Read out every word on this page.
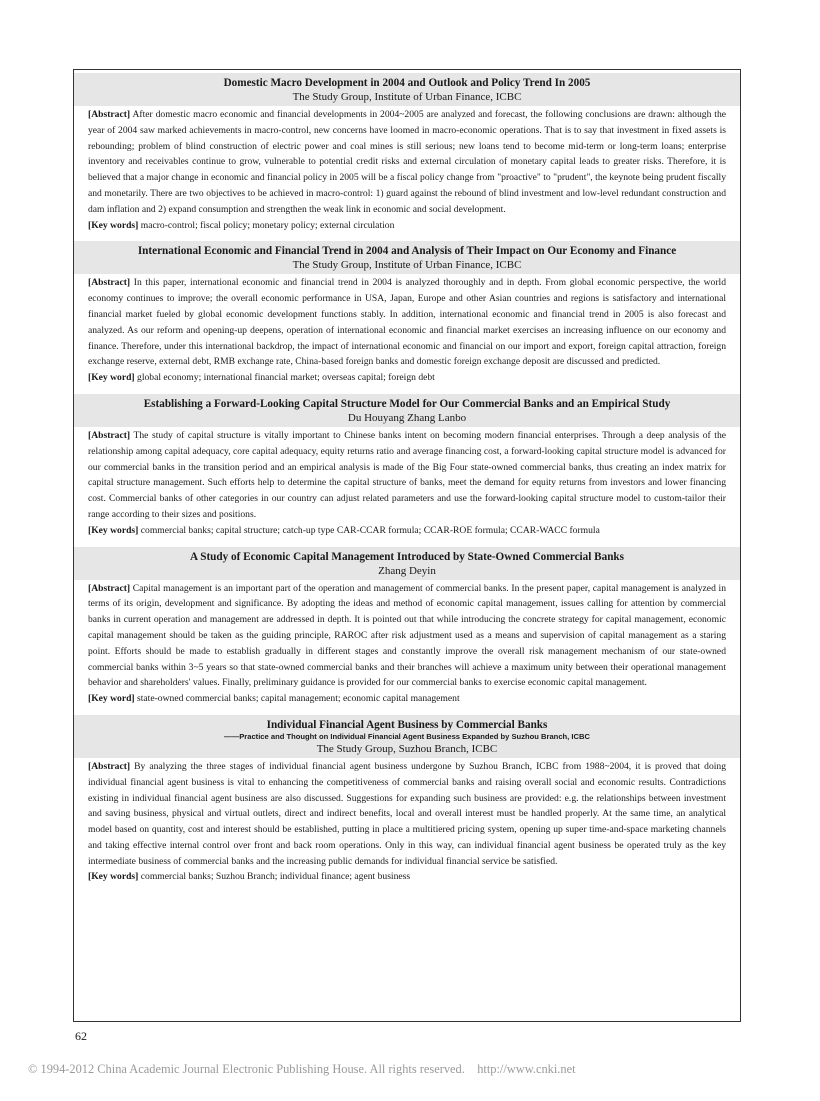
Domestic Macro Development in 2004 and Outlook and Policy Trend In 2005
The Study Group, Institute of Urban Finance, ICBC
[Abstract] After domestic macro economic and financial developments in 2004~2005 are analyzed and forecast, the following conclusions are drawn: although the year of 2004 saw marked achievements in macro-control, new concerns have loomed in macro-economic operations. That is to say that investment in fixed assets is rebounding; problem of blind construction of electric power and coal mines is still serious; new loans tend to become mid-term or long-term loans; enterprise inventory and receivables continue to grow, vulnerable to potential credit risks and external circulation of monetary capital leads to greater risks. Therefore, it is believed that a major change in economic and financial policy in 2005 will be a fiscal policy change from "proactive" to "prudent", the keynote being prudent fiscally and monetarily. There are two objectives to be achieved in macro-control: 1) guard against the rebound of blind investment and low-level redundant construction and dam inflation and 2) expand consumption and strengthen the weak link in economic and social development.
[Key words] macro-control; fiscal policy; monetary policy; external circulation
International Economic and Financial Trend in 2004 and Analysis of Their Impact on Our Economy and Finance
The Study Group, Institute of Urban Finance, ICBC
[Abstract] In this paper, international economic and financial trend in 2004 is analyzed thoroughly and in depth. From global economic perspective, the world economy continues to improve; the overall economic performance in USA, Japan, Europe and other Asian countries and regions is satisfactory and international financial market fueled by global economic development functions stably. In addition, international economic and financial trend in 2005 is also forecast and analyzed. As our reform and opening-up deepens, operation of international economic and financial market exercises an increasing influence on our economy and finance. Therefore, under this international backdrop, the impact of international economic and financial on our import and export, foreign capital attraction, foreign exchange reserve, external debt, RMB exchange rate, China-based foreign banks and domestic foreign exchange deposit are discussed and predicted.
[Key word] global economy; international financial market; overseas capital; foreign debt
Establishing a Forward-Looking Capital Structure Model for Our Commercial Banks and an Empirical Study
Du Houyang Zhang Lanbo
[Abstract] The study of capital structure is vitally important to Chinese banks intent on becoming modern financial enterprises. Through a deep analysis of the relationship among capital adequacy, core capital adequacy, equity returns ratio and average financing cost, a forward-looking capital structure model is advanced for our commercial banks in the transition period and an empirical analysis is made of the Big Four state-owned commercial banks, thus creating an index matrix for capital structure management. Such efforts help to determine the capital structure of banks, meet the demand for equity returns from investors and lower financing cost. Commercial banks of other categories in our country can adjust related parameters and use the forward-looking capital structure model to custom-tailor their range according to their sizes and positions.
[Key words] commercial banks; capital structure; catch-up type CAR-CCAR formula; CCAR-ROE formula; CCAR-WACC formula
A Study of Economic Capital Management Introduced by State-Owned Commercial Banks
Zhang Deyin
[Abstract] Capital management is an important part of the operation and management of commercial banks. In the present paper, capital management is analyzed in terms of its origin, development and significance. By adopting the ideas and method of economic capital management, issues calling for attention by commercial banks in current operation and management are addressed in depth. It is pointed out that while introducing the concrete strategy for capital management, economic capital management should be taken as the guiding principle, RAROC after risk adjustment used as a means and supervision of capital management as a staring point. Efforts should be made to establish gradually in different stages and constantly improve the overall risk management mechanism of our state-owned commercial banks within 3~5 years so that state-owned commercial banks and their branches will achieve a maximum unity between their operational management behavior and shareholders' values. Finally, preliminary guidance is provided for our commercial banks to exercise economic capital management.
[Key word] state-owned commercial banks; capital management; economic capital management
Individual Financial Agent Business by Commercial Banks
——Practice and Thought on Individual Financial Agent Business Expanded by Suzhou Branch, ICBC
The Study Group, Suzhou Branch, ICBC
[Abstract] By analyzing the three stages of individual financial agent business undergone by Suzhou Branch, ICBC from 1988~2004, it is proved that doing individual financial agent business is vital to enhancing the competitiveness of commercial banks and raising overall social and economic results. Contradictions existing in individual financial agent business are also discussed. Suggestions for expanding such business are provided: e.g. the relationships between investment and saving business, physical and virtual outlets, direct and indirect benefits, local and overall interest must be handled properly. At the same time, an analytical model based on quantity, cost and interest should be established, putting in place a multitiered pricing system, opening up super time-and-space marketing channels and taking effective internal control over front and back room operations. Only in this way, can individual financial agent business be operated truly as the key intermediate business of commercial banks and the increasing public demands for individual financial service be satisfied.
[Key words] commercial banks; Suzhou Branch; individual finance; agent business
62
© 1994-2012 China Academic Journal Electronic Publishing House. All rights reserved.    http://www.cnki.net
